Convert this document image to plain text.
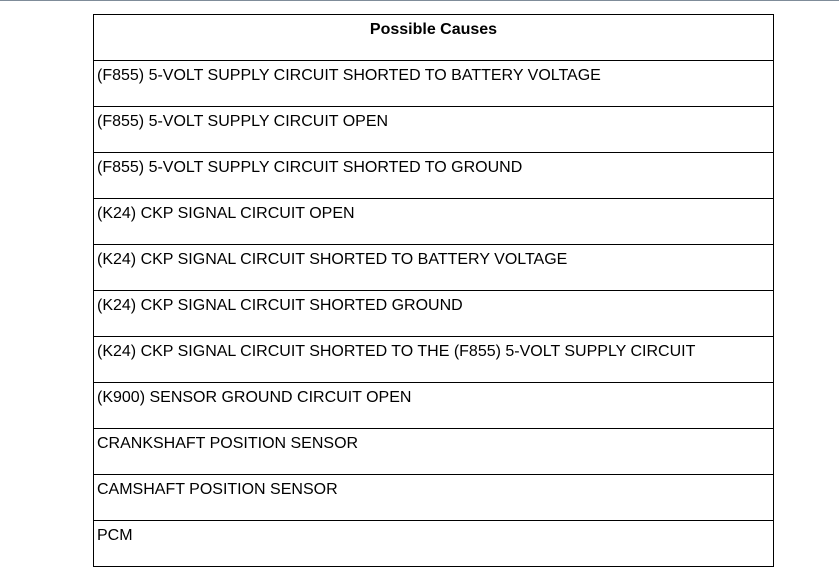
Possible Causes
(F855) 5-VOLT SUPPLY CIRCUIT SHORTED TO BATTERY VOLTAGE
(F855) 5-VOLT SUPPLY CIRCUIT OPEN
(F855) 5-VOLT SUPPLY CIRCUIT SHORTED TO GROUND
(K24) CKP SIGNAL CIRCUIT OPEN
(K24) CKP SIGNAL CIRCUIT SHORTED TO BATTERY VOLTAGE
(K24) CKP SIGNAL CIRCUIT SHORTED GROUND
(K24) CKP SIGNAL CIRCUIT SHORTED TO THE (F855) 5-VOLT SUPPLY CIRCUIT
(K900) SENSOR GROUND CIRCUIT OPEN
CRANKSHAFT POSITION SENSOR
CAMSHAFT POSITION SENSOR
PCM
